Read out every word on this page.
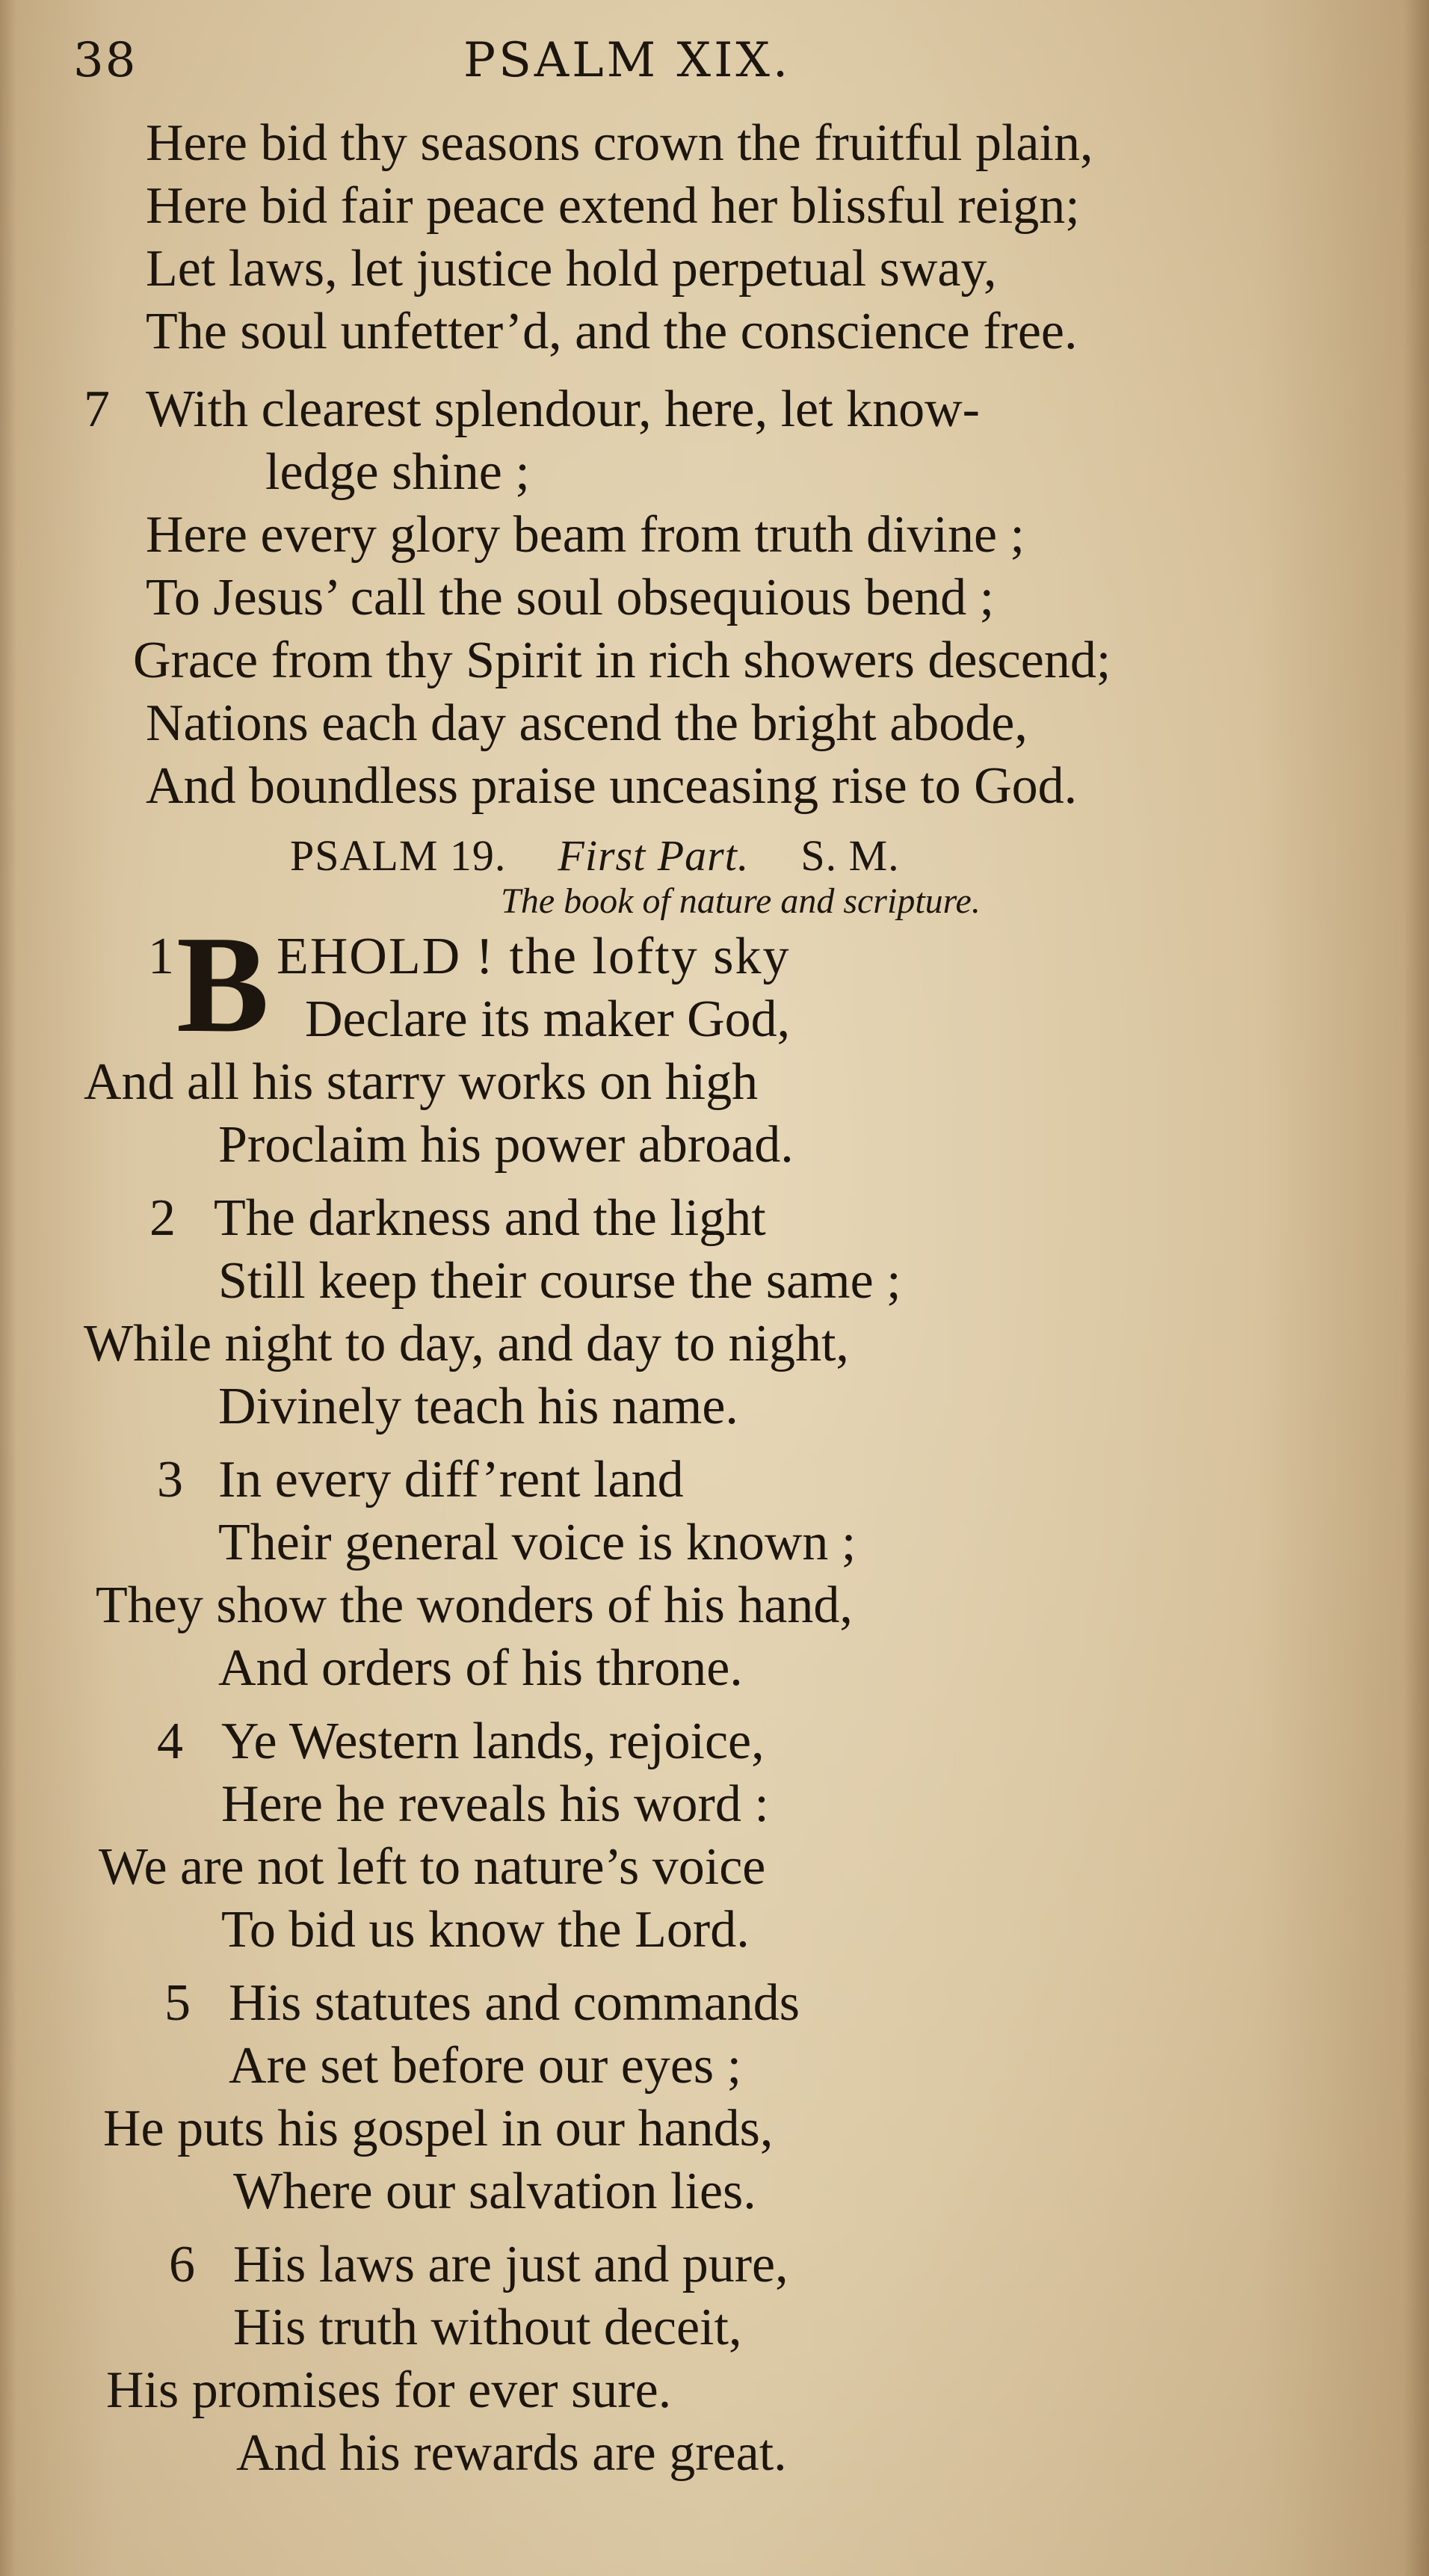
38	PSALM XIX.
Here bid thy seasons crown the fruitful plain,
Here bid fair peace extend her blissful reign;
Let laws, let justice hold perpetual sway,
The soul unfetter’d, and the conscience free.
7 With clearest splendour, here, let know-
ledge shine ;
Here every glory beam from truth divine ;
To Jesus’ call the soul obsequious bend ;
Grace from thy Spirit in rich showers descend;
Nations each day ascend the bright abode,
And boundless praise unceasing rise to God.
PSALM 19. First Part. S. M.
The book of nature and scripture.
1 B EHOLD ! the lofty sky
Declare its maker God,
And all his starry works on high
Proclaim his power abroad.
2 The darkness and the light
Still keep their course the same ;
While night to day, and day to night,
Divinely teach his name.
3 In every diff’rent land
Their general voice is known ;
They show the wonders of his hand,
And orders of his throne.
4 Ye Western lands, rejoice,
Here he reveals his word :
We are not left to nature’s voice
To bid us know the Lord.
5 His statutes and commands
Are set before our eyes ;
He puts his gospel in our hands,
Where our salvation lies.
6 His laws are just and pure,
His truth without deceit,
His promises for ever sure.
And his rewards are great.
